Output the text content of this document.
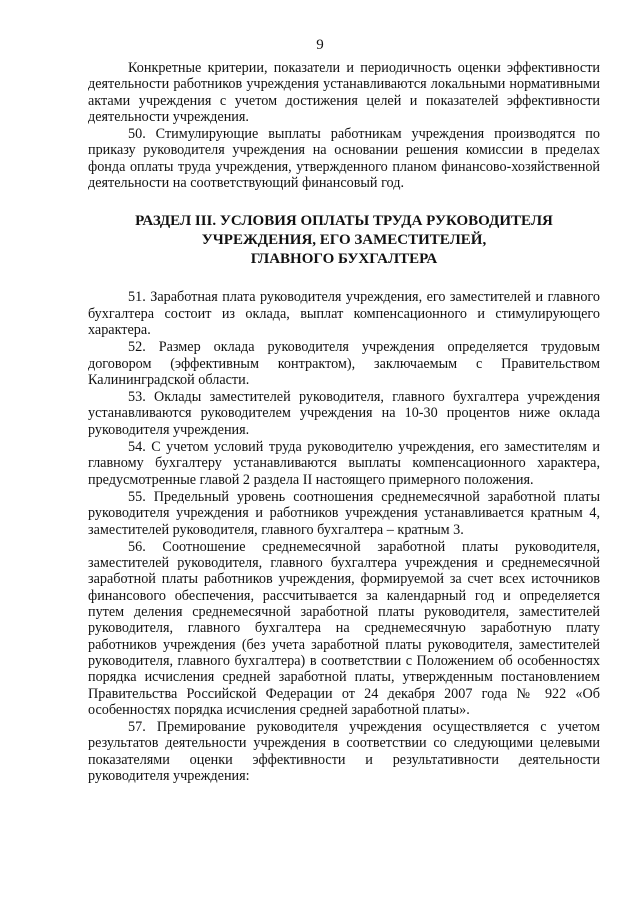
9

Конкретные критерии, показатели и периодичность оценки эффективности деятельности работников учреждения устанавливаются локальными нормативными актами учреждения с учетом достижения целей и показателей эффективности деятельности учреждения.

50. Стимулирующие выплаты работникам учреждения производятся по приказу руководителя учреждения на основании решения комиссии в пределах фонда оплаты труда учреждения, утвержденного планом финансово-хозяйственной деятельности на соответствующий финансовый год.

РАЗДЕЛ III. УСЛОВИЯ ОПЛАТЫ ТРУДА РУКОВОДИТЕЛЯ
УЧРЕЖДЕНИЯ, ЕГО ЗАМЕСТИТЕЛЕЙ,
ГЛАВНОГО БУХГАЛТЕРА

51. Заработная плата руководителя учреждения, его заместителей и главного бухгалтера состоит из оклада, выплат компенсационного и стимулирующего характера.

52. Размер оклада руководителя учреждения определяется трудовым договором (эффективным контрактом), заключаемым с Правительством Калининградской области.

53. Оклады заместителей руководителя, главного бухгалтера учреждения устанавливаются руководителем учреждения на 10-30 процентов ниже оклада руководителя учреждения.

54. С учетом условий труда руководителю учреждения, его заместителям и главному бухгалтеру устанавливаются выплаты компенсационного характера, предусмотренные главой 2 раздела II настоящего примерного положения.

55. Предельный уровень соотношения среднемесячной заработной платы руководителя учреждения и работников учреждения устанавливается кратным 4, заместителей руководителя, главного бухгалтера – кратным 3.

56. Соотношение среднемесячной заработной платы руководителя, заместителей руководителя, главного бухгалтера учреждения и среднемесячной заработной платы работников учреждения, формируемой за счет всех источников финансового обеспечения, рассчитывается за календарный год и определяется путем деления среднемесячной заработной платы руководителя, заместителей руководителя, главного бухгалтера на среднемесячную заработную плату работников учреждения (без учета заработной платы руководителя, заместителей руководителя, главного бухгалтера) в соответствии с Положением об особенностях порядка исчисления средней заработной платы, утвержденным постановлением Правительства Российской Федерации от 24 декабря 2007 года № 922 «Об особенностях порядка исчисления средней заработной платы».

57. Премирование руководителя учреждения осуществляется с учетом результатов деятельности учреждения в соответствии со следующими целевыми показателями оценки эффективности и результативности деятельности руководителя учреждения:
